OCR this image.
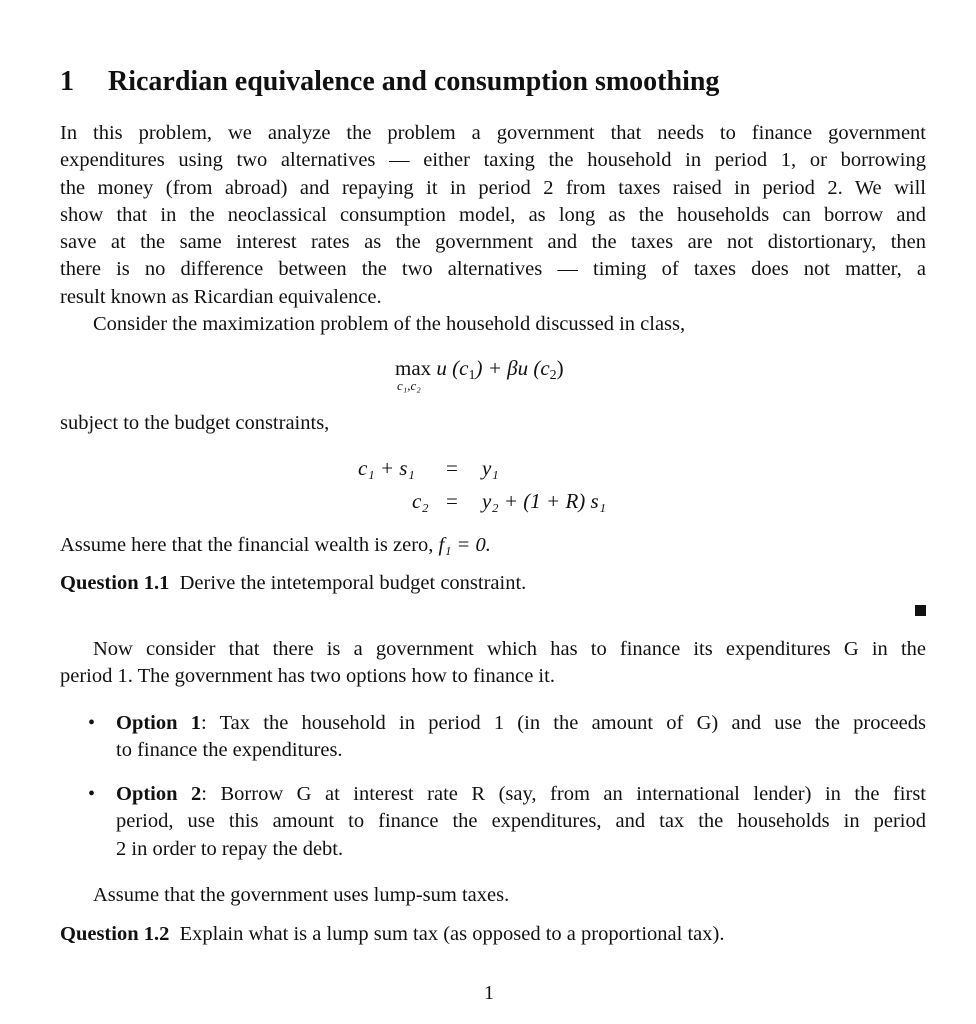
1 Ricardian equivalence and consumption smoothing
In this problem, we analyze the problem a government that needs to finance government
expenditures using two alternatives — either taxing the household in period 1, or borrowing
the money (from abroad) and repaying it in period 2 from taxes raised in period 2. We will
show that in the neoclassical consumption model, as long as the households can borrow and
save at the same interest rates as the government and the taxes are not distortionary, then
there is no difference between the two alternatives — timing of taxes does not matter, a
result known as Ricardian equivalence.
Consider the maximization problem of the household discussed in class,
max u $(c_1) + \beta u$ $(c_2)$
c₁,c₂
subject to the budget constraints,
c₁ + s₁ = y₁
c₂ = y₂ + (1 + R) s₁
Assume here that the financial wealth is zero, f₁ = 0.
Question 1.1 Derive the intetemporal budget constraint.
Now consider that there is a government which has to finance its expenditures G in the
period 1. The government has two options how to finance it.
• Option 1: Tax the household in period 1 (in the amount of G) and use the proceeds
to finance the expenditures.
• Option 2: Borrow G at interest rate R (say, from an international lender) in the first
period, use this amount to finance the expenditures, and tax the households in period
2 in order to repay the debt.
Assume that the government uses lump-sum taxes.
Question 1.2 Explain what is a lump sum tax (as opposed to a proportional tax).
1
